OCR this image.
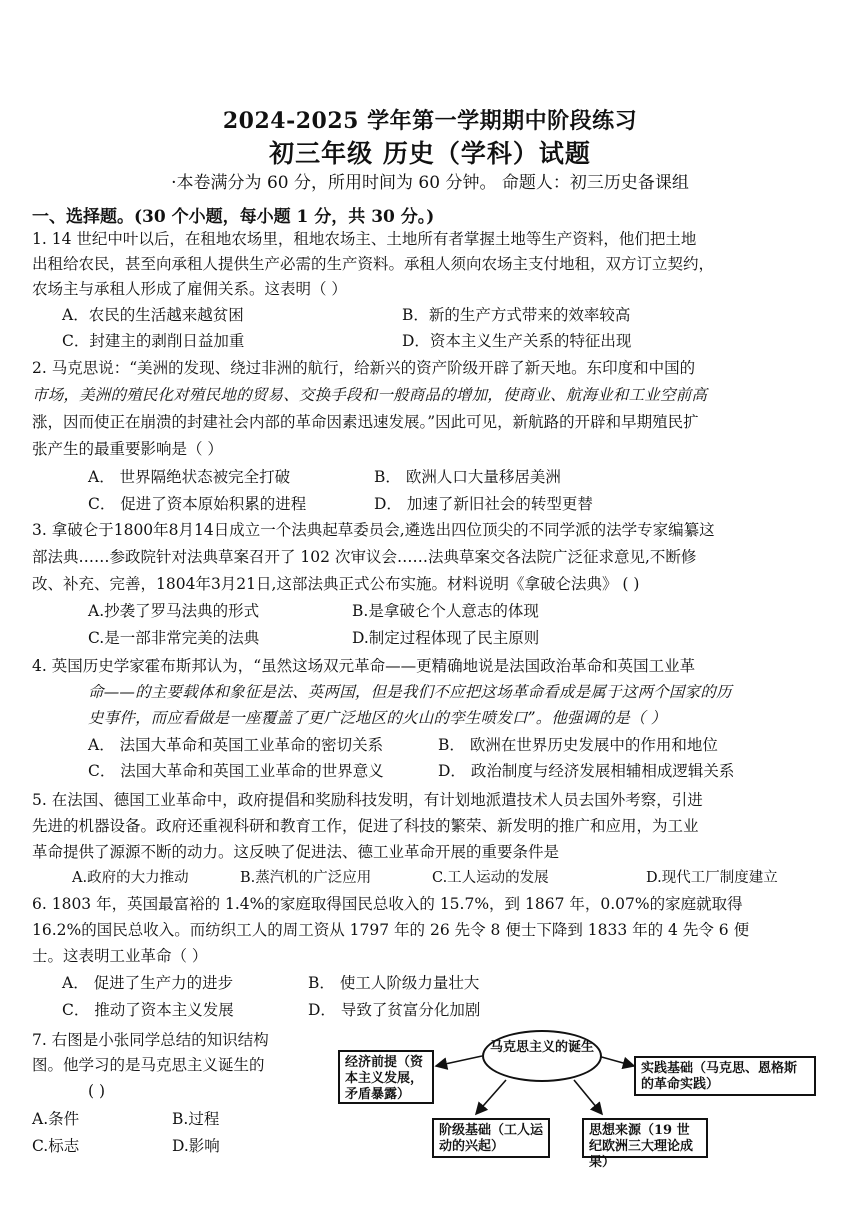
2024-2025 学年第一学期期中阶段练习
初三年级 历史（学科）试题
·本卷满分为 60 分，所用时间为 60 分钟。 命题人：初三历史备课组
一、选择题。(30 个小题，每小题 1 分，共 30 分。)
1. 14 世纪中叶以后，在租地农场里，租地农场主、土地所有者掌握土地等生产资料，他们把土地
出租给农民，甚至向承租人提供生产必需的生产资料。承租人须向农场主支付地租，双方订立契约，
农场主与承租人形成了雇佣关系。这表明（ ）
A．农民的生活越来越贫困	B．新的生产方式带来的效率较高
C．封建主的剥削日益加重	D．资本主义生产关系的特征出现
2. 马克思说：“美洲的发现、绕过非洲的航行，给新兴的资产阶级开辟了新天地。东印度和中国的
市场，美洲的殖民化对殖民地的贸易、交换手段和一般商品的增加，使商业、航海业和工业空前高
涨，因而使正在崩溃的封建社会内部的革命因素迅速发展。”因此可见，新航路的开辟和早期殖民扩
张产生的最重要影响是（ ）
A． 世界隔绝状态被完全打破	B． 欧洲人口大量移居美洲
C． 促进了资本原始积累的进程	D． 加速了新旧社会的转型更替
3. 拿破仑于1800年8月14日成立一个法典起草委员会,遴选出四位顶尖的不同学派的法学专家编纂这
部法典……参政院针对法典草案召开了 102 次审议会……法典草案交各法院广泛征求意见,不断修
改、补充、完善，1804年3月21日,这部法典正式公布实施。材料说明《拿破仑法典》 ( )
A.抄袭了罗马法典的形式	B.是拿破仑个人意志的体现
C.是一部非常完美的法典	D.制定过程体现了民主原则
4. 英国历史学家霍布斯邦认为，“虽然这场双元革命——更精确地说是法国政治革命和英国工业革
命——的主要载体和象征是法、英两国，但是我们不应把这场革命看成是属于这两个国家的历
史事件，而应看做是一座覆盖了更广泛地区的火山的孪生喷发口”。他强调的是（ ）
A． 法国大革命和英国工业革命的密切关系	B． 欧洲在世界历史发展中的作用和地位
C． 法国大革命和英国工业革命的世界意义	D． 政治制度与经济发展相辅相成逻辑关系
5. 在法国、德国工业革命中，政府提倡和奖励科技发明，有计划地派遣技术人员去国外考察，引进
先进的机器设备。政府还重视科研和教育工作，促进了科技的繁荣、新发明的推广和应用，为工业
革命提供了源源不断的动力。这反映了促进法、德工业革命开展的重要条件是
A.政府的大力推动	B.蒸汽机的广泛应用	C.工人运动的发展	D.现代工厂制度建立
6. 1803 年，英国最富裕的 1.4%的家庭取得国民总收入的 15.7%，到 1867 年，0.07%的家庭就取得
16.2%的国民总收入。而纺织工人的周工资从 1797 年的 26 先令 8 便士下降到 1833 年的 4 先令 6 便
士。这表明工业革命（ ）
A． 促进了生产力的进步	B． 使工人阶级力量壮大
C． 推动了资本主义发展	D． 导致了贫富分化加剧
7. 右图是小张同学总结的知识结构
图。他学习的是马克思主义诞生的
( )
A.条件	B.过程
C.标志	D.影响
马克思主义的诞生
经济前提（资本主义发展，矛盾暴露）
实践基础（马克思、恩格斯的革命实践）
阶级基础（工人运动的兴起）
思想来源（19 世纪欧洲三大理论成果）
